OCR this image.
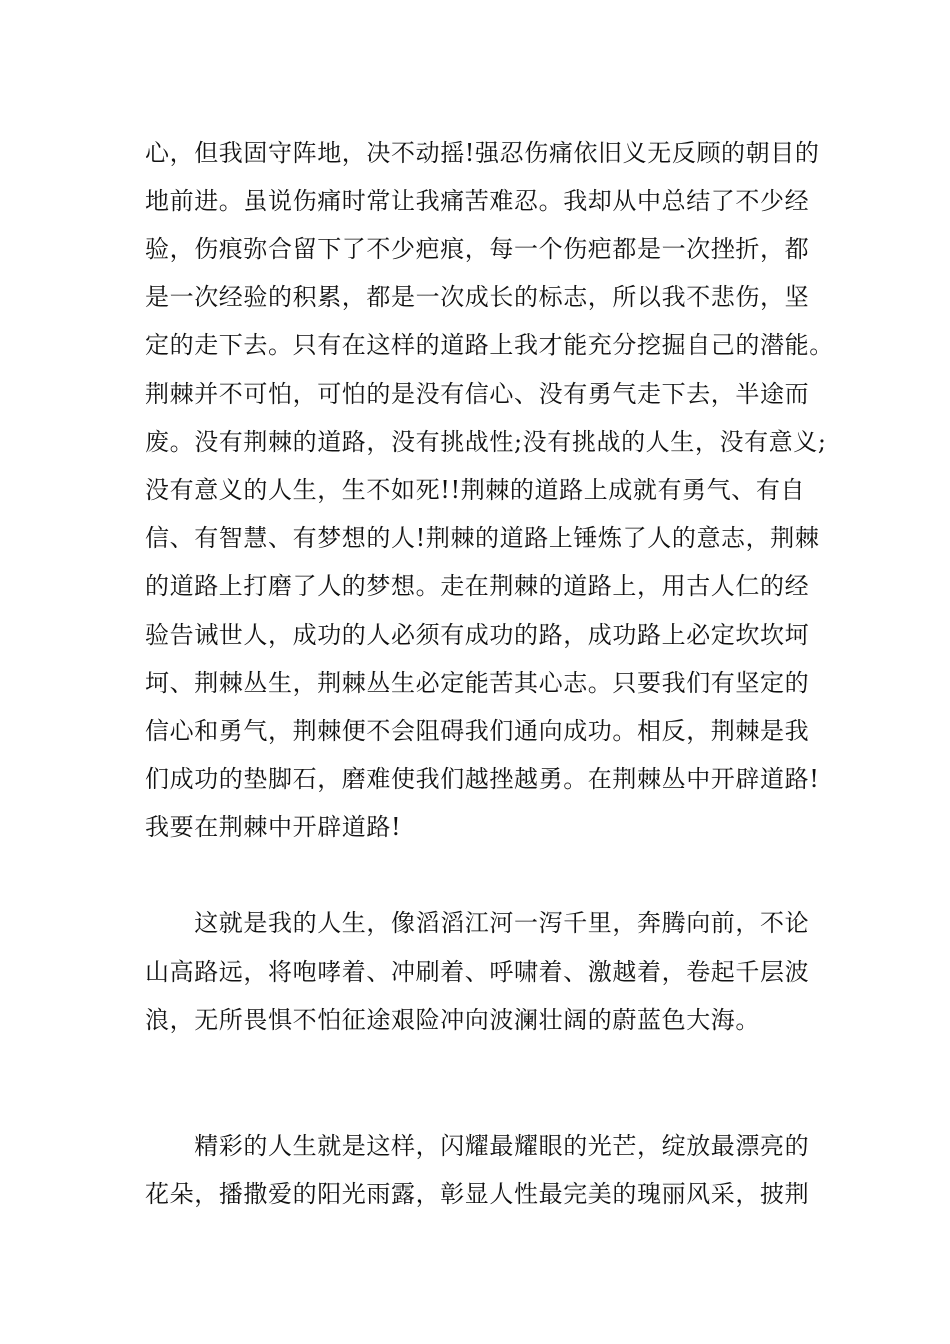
心，但我固守阵地，决不动摇!强忍伤痛依旧义无反顾的朝目的
地前进。虽说伤痛时常让我痛苦难忍。我却从中总结了不少经
验，伤痕弥合留下了不少疤痕，每一个伤疤都是一次挫折，都
是一次经验的积累，都是一次成长的标志，所以我不悲伤，坚
定的走下去。只有在这样的道路上我才能充分挖掘自己的潜能。
荆棘并不可怕，可怕的是没有信心、没有勇气走下去，半途而
废。没有荆棘的道路，没有挑战性;没有挑战的人生，没有意义;
没有意义的人生，生不如死!!荆棘的道路上成就有勇气、有自
信、有智慧、有梦想的人!荆棘的道路上锤炼了人的意志，荆棘
的道路上打磨了人的梦想。走在荆棘的道路上，用古人仁的经
验告诫世人，成功的人必须有成功的路，成功路上必定坎坎坷
坷、荆棘丛生，荆棘丛生必定能苦其心志。只要我们有坚定的
信心和勇气，荆棘便不会阻碍我们通向成功。相反，荆棘是我
们成功的垫脚石，磨难使我们越挫越勇。在荆棘丛中开辟道路!
我要在荆棘中开辟道路!
　　这就是我的人生，像滔滔江河一泻千里，奔腾向前，不论
山高路远，将咆哮着、冲刷着、呼啸着、激越着，卷起千层波
浪，无所畏惧不怕征途艰险冲向波澜壮阔的蔚蓝色大海。
　　精彩的人生就是这样，闪耀最耀眼的光芒，绽放最漂亮的
花朵，播撒爱的阳光雨露，彰显人性最完美的瑰丽风采，披荆
